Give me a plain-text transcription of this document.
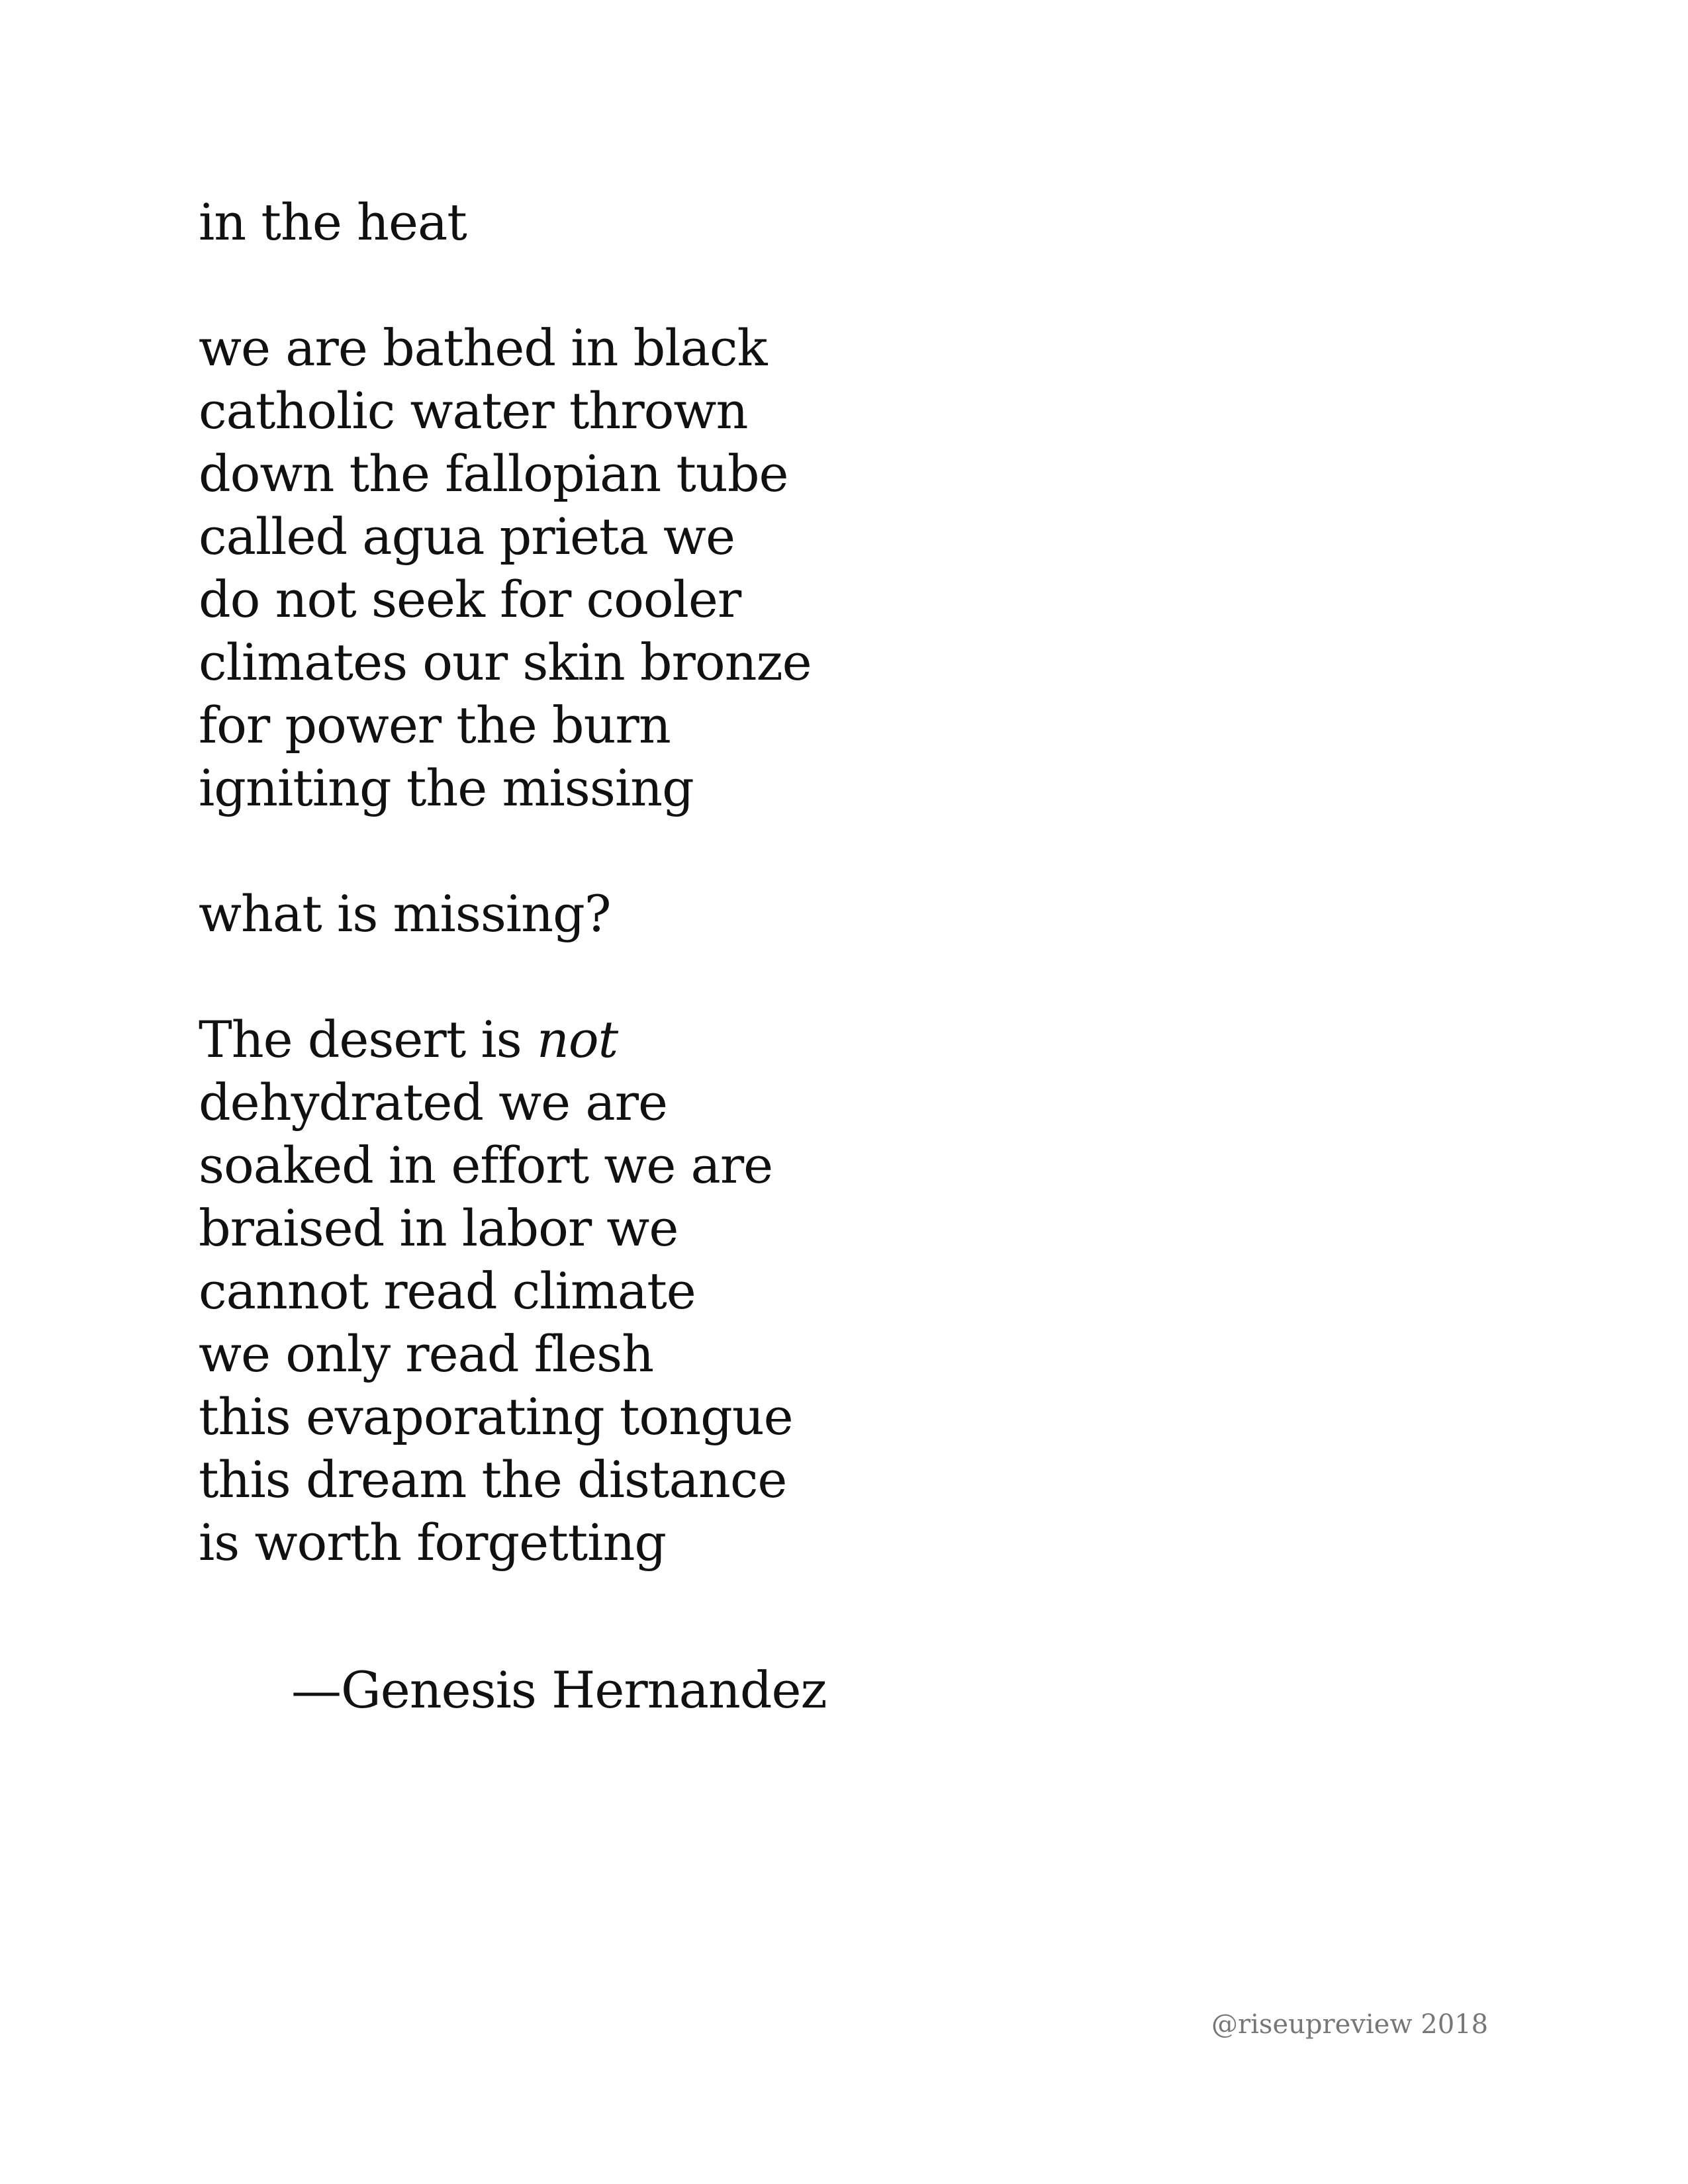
in the heat
we are bathed in black
catholic water thrown
down the fallopian tube
called agua prieta we
do not seek for cooler
climates our skin bronze
for power the burn
igniting the missing
what is missing?
The desert is not
dehydrated we are
soaked in effort we are
braised in labor we
cannot read climate
we only read flesh
this evaporating tongue
this dream the distance
is worth forgetting
—Genesis Hernandez
@riseupreview 2018
